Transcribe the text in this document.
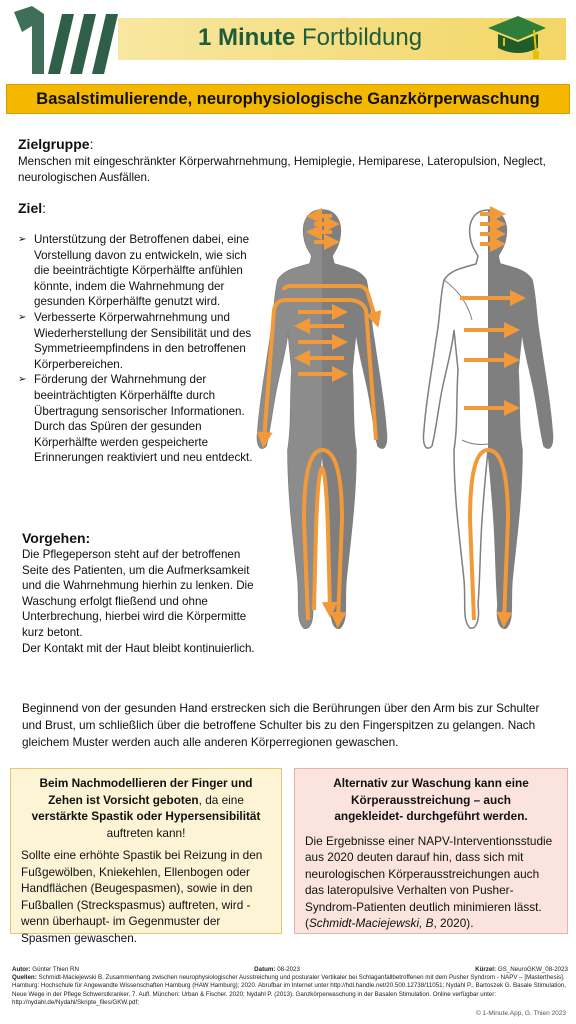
1 Minute Fortbildung
Basalstimulierende, neurophysiologische Ganzkörperwaschung
Zielgruppe:
Menschen mit eingeschränkter Körperwahrnehmung, Hemiplegie, Hemiparese, Lateropulsion, Neglect, neurologischen Ausfällen.
Ziel:
➢ Unterstützung der Betroffenen dabei, eine Vorstellung davon zu entwickeln, wie sich die beeinträchtigte Körperhälfte anfühlen könnte, indem die Wahrnehmung der gesunden Körperhälfte genutzt wird.
➢ Verbesserte Körperwahrnehmung und Wiederherstellung der Sensibilität und des Symmetrieempfindens in den betroffenen Körperbereichen.
➢ Förderung der Wahrnehmung der beeinträchtigten Körperhälfte durch Übertragung sensorischer Informationen. Durch das Spüren der gesunden Körperhälfte werden gespeicherte Erinnerungen reaktiviert und neu entdeckt.
Vorgehen:
Die Pflegeperson steht auf der betroffenen Seite des Patienten, um die Aufmerksamkeit und die Wahrnehmung hierhin zu lenken. Die Waschung erfolgt fließend und ohne Unterbrechung, hierbei wird die Körpermitte kurz betont.
Der Kontakt mit der Haut bleibt kontinuierlich.
Beginnend von der gesunden Hand erstrecken sich die Berührungen über den Arm bis zur Schulter und Brust, um schließlich über die betroffene Schulter bis zu den Fingerspitzen zu gelangen. Nach gleichem Muster werden auch alle anderen Körperregionen gewaschen.

Beim Nachmodellieren der Finger und Zehen ist Vorsicht geboten, da eine verstärkte Spastik oder Hypersensibilität auftreten kann!

Sollte eine erhöhte Spastik bei Reizung in den Fußgewölben, Kniekehlen, Ellenbogen oder Handflächen (Beugespasmen), sowie in den Fußballen (Streckspasmus) auftreten, wird -wenn überhaupt- im Gegenmuster der Spasmen gewaschen.

Alternativ zur Waschung kann eine Körperausstreichung – auch angekleidet- durchgeführt werden.

Die Ergebnisse einer NAPV-Interventionsstudie aus 2020 deuten darauf hin, dass sich mit neurologischen Körperausstreichungen auch das lateropulsive Verhalten von Pusher-Syndrom-Patienten deutlich minimieren lässt. (Schmidt-Maciejewski, B, 2020).

Autor: Günter Thien RN	Datum: 08-2023	Kürzel: GS_NeuroGKW_08-2023
Quellen: Schmidt-Maciejewski B. Zusammenhang zwischen neurophysiologischer Ausstreichung und posturaler Vertikaler bei Schlaganfallbetroffenen mit dem Pusher Syndrom - NAPV – [Masterthesis]. Hamburg: Hochschule für Angewandte Wissenschaften Hamburg (HAW Hamburg); 2020. Abrufbar im Internet unter http://hdl.handle.net/20.500.12738/11051; Nydahl P., Bartoszek G. Basale Stimulation, Neue Wege in der Pflege Schwerstkranker. 7. Aufl. München: Urban & Fischer. 2020; Nydahl P. (2013). Ganzkörperwaschung in der Basalen Stimulation. Online verfügbar unter: http://nydahl.de/Nydahl/Skripte_files/GKW.pdf;
© 1-Minute.App, G. Thien 2023
